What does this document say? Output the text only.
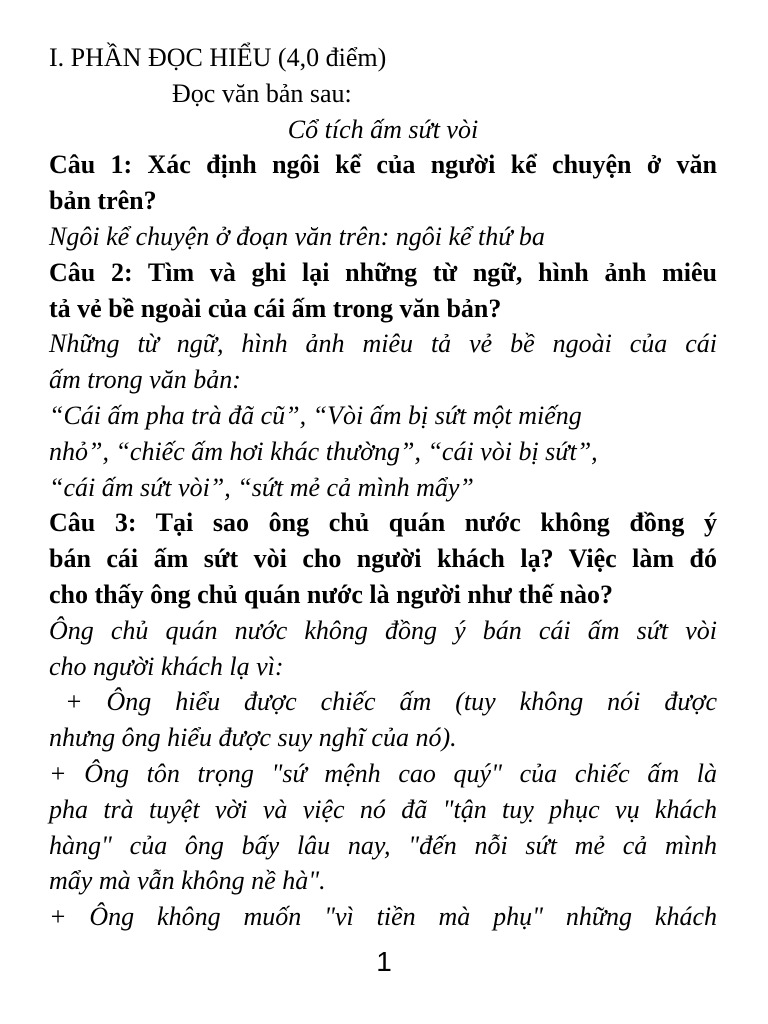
I. PHẦN ĐỌC HIỂU (4,0 điểm)
Đọc văn bản sau:
Cổ tích ấm sứt vòi
Câu 1: Xác định ngôi kể của người kể chuyện ở văn
bản trên?
Ngôi kể chuyện ở đoạn văn trên: ngôi kể thứ ba
Câu 2: Tìm và ghi lại những từ ngữ, hình ảnh miêu
tả vẻ bề ngoài của cái ấm trong văn bản?
Những từ ngữ, hình ảnh miêu tả vẻ bề ngoài của cái
ấm trong văn bản:
“Cái ấm pha trà đã cũ”, “Vòi ấm bị sứt một miếng
nhỏ”, “chiếc ấm hơi khác thường”, “cái vòi bị sứt”,
“cái ấm sứt vòi”, “sứt mẻ cả mình mẩy”
Câu 3: Tại sao ông chủ quán nước không đồng ý
bán cái ấm sứt vòi cho người khách lạ? Việc làm đó
cho thấy ông chủ quán nước là người như thế nào?
Ông chủ quán nước không đồng ý bán cái ấm sứt vòi
cho người khách lạ vì:
+ Ông hiểu được chiếc ấm (tuy không nói được
nhưng ông hiểu được suy nghĩ của nó).
+ Ông tôn trọng "sứ mệnh cao quý" của chiếc ấm là
pha trà tuyệt vời và việc nó đã "tận tuỵ phục vụ khách
hàng" của ông bấy lâu nay, "đến nỗi sứt mẻ cả mình
mẩy mà vẫn không nề hà".
+ Ông không muốn "vì tiền mà phụ" những khách
1
